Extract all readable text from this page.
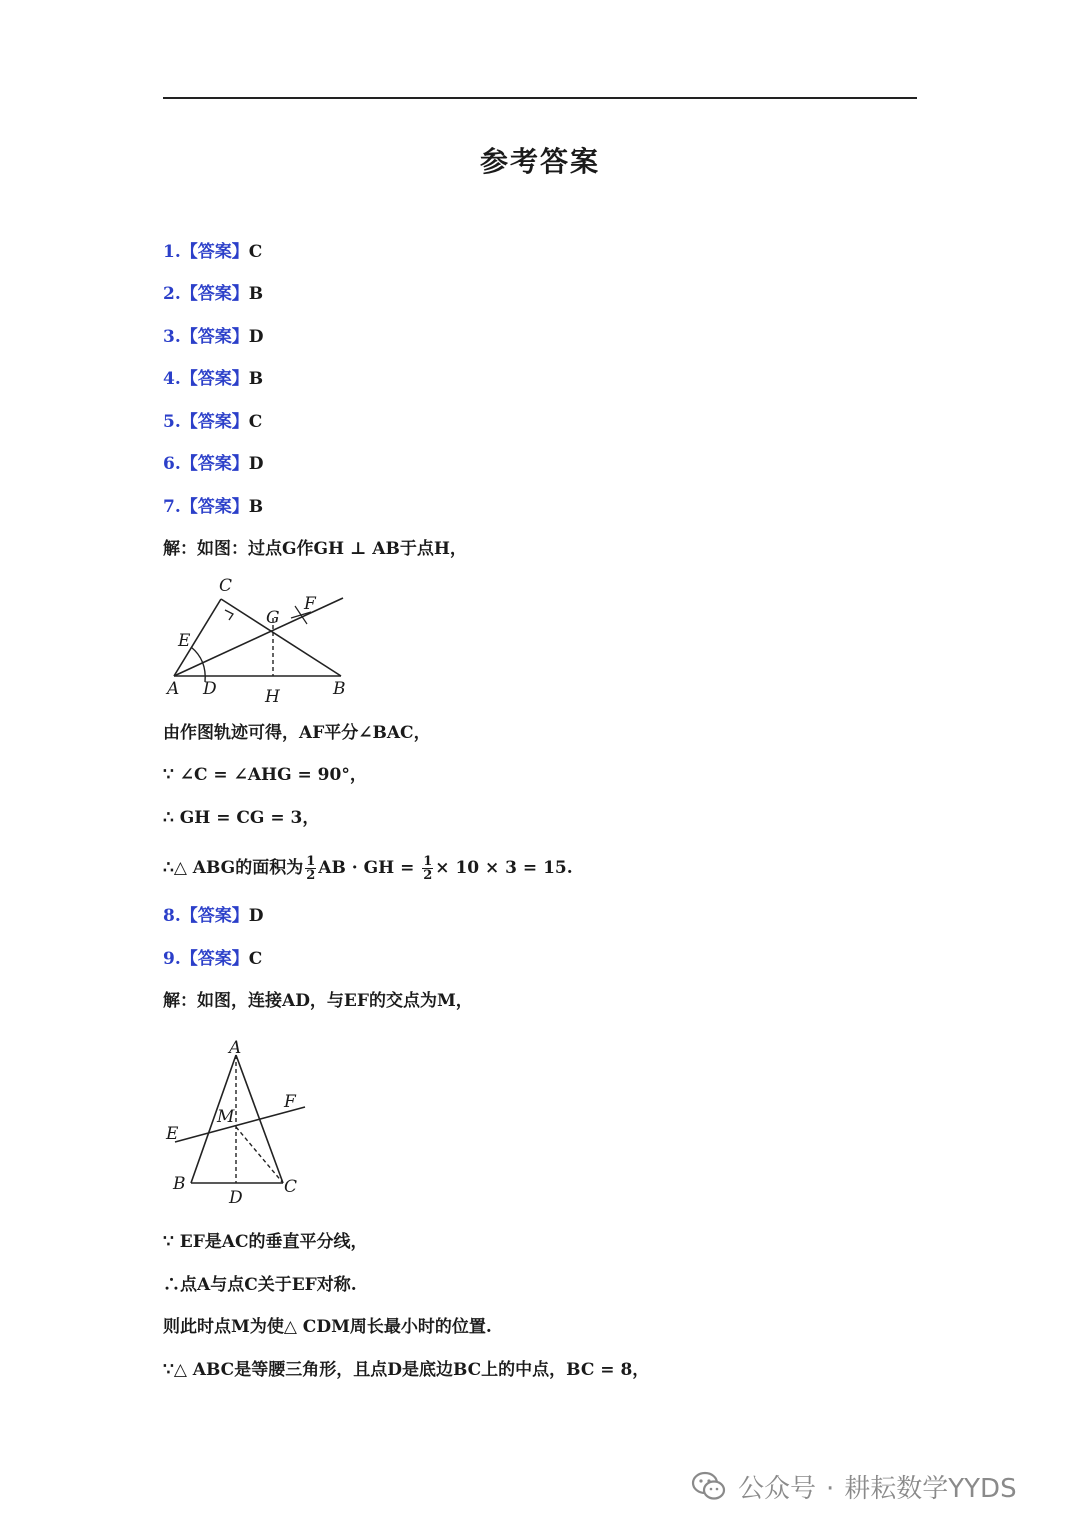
参考答案
1.【答案】C
2.【答案】B
3.【答案】D
4.【答案】B
5.【答案】C
6.【答案】D
7.【答案】B
解：如图：过点G作GH ⊥ AB于点H，
C
G
F
E
A D	H	B
由作图轨迹可得，AF平分∠BAC，
∵ ∠C = ∠AHG = 90°，
∴ GH = CG = 3，
∴△ ABG的面积为 $\frac{1}{2}$ AB · GH = $\frac{1}{2} \times 10 \times 3 = 15$.
8.【答案】D
9.【答案】C
解：如图，连接AD，与EF的交点为M，
A
F
M
E
B	C
D
∵ EF是AC的垂直平分线，
∴点A与点C关于EF对称.
则此时点M为使△ CDM周长最小时的位置.
∵△ ABC是等腰三角形，且点D是底边BC上的中点，BC = 8，
公众号 · 耕耘数学YYDS
